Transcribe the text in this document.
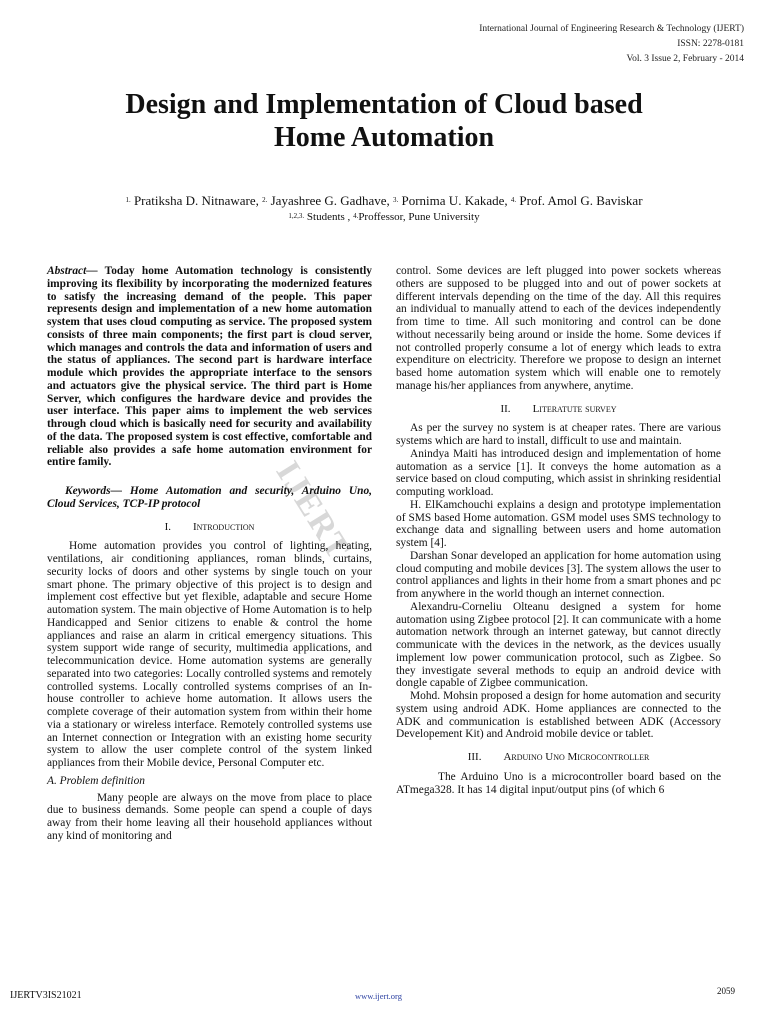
International Journal of Engineering Research & Technology (IJERT)
ISSN: 2278-0181
Vol. 3 Issue 2, February - 2014
Design and Implementation of Cloud based
Home Automation
$^{1.}$ Pratiksha D. Nitnaware, $^{2.}$ Jayashree G. Gadhave, $^{3.}$ Pornima U. Kakade, $^{4.}$ Prof. Amol G. Baviskar
$^{1,2,3.}$ Students , $^{4.}$Proffessor, Pune University
IJERT

Abstract— Today home Automation technology is consistently improving its flexibility by incorporating the modernized features to satisfy the increasing demand of the people. This paper represents design and implementation of a new home automation system that uses cloud computing as service. The proposed system consists of three main components; the first part is cloud server, which manages and controls the data and information of users and the status of appliances. The second part is hardware interface module which provides the appropriate interface to the sensors and actuators give the physical service. The third part is Home Server, which configures the hardware device and provides the user interface. This paper aims to implement the web services through cloud which is basically need for security and availability of the data. The proposed system is cost effective, comfortable and reliable also provides a safe home automation environment for entire family.

Keywords— Home Automation and security, Arduino Uno, Cloud Services, TCP-IP protocol

I. Introduction

Home automation provides you control of lighting, heating, ventilations, air conditioning appliances, roman blinds, curtains, security locks of doors and other systems by single touch on your smart phone. The primary objective of this project is to design and implement cost effective but yet flexible, adaptable and secure Home automation system. The main objective of Home Automation is to help Handicapped and Senior citizens to enable & control the home appliances and raise an alarm in critical emergency situations. This system support wide range of security, multimedia applications, and telecommunication device. Home automation systems are generally separated into two categories: Locally controlled systems and remotely controlled systems. Locally controlled systems comprises of an In-house controller to achieve home automation. It allows users the complete coverage of their automation system from within their home via a stationary or wireless interface. Remotely controlled systems use an Internet connection or Integration with an existing home security system to allow the user complete control of the system linked appliances from their Mobile device, Personal Computer etc.

A. Problem definition

Many people are always on the move from place to place due to business demands. Some people can spend a couple of days away from their home leaving all their household appliances without any kind of monitoring and

control. Some devices are left plugged into power sockets whereas others are supposed to be plugged into and out of power sockets at different intervals depending on the time of the day. All this requires an individual to manually attend to each of the devices independently from time to time. All such monitoring and control can be done without necessarily being around or inside the home. Some devices if not controlled properly consume a lot of energy which leads to extra expenditure on electricity. Therefore we propose to design an internet based home automation system which will enable one to remotely manage his/her appliances from anywhere, anytime.

II. Literatute survey

As per the survey no system is at cheaper rates. There are various systems which are hard to install, difficult to use and maintain.

Anindya Maiti has introduced design and implementation of home automation as a service [1]. It conveys the home automation as a service based on cloud computing, which assist in shrinking residential computing workload.

H. ElKamchouchi explains a design and prototype implementation of SMS based Home automation. GSM model uses SMS technology to exchange data and signalling between users and home automation system [4].

Darshan Sonar developed an application for home automation using cloud computing and mobile devices [3]. The system allows the user to control appliances and lights in their home from a smart phones and pc from anywhere in the world though an internet connection.

Alexandru-Corneliu Olteanu designed a system for home automation using Zigbee protocol [2]. It can communicate with a home automation network through an internet gateway, but cannot directly communicate with the devices in the network, as the devices usually implement low power communication protocol, such as Zigbee. So they investigate several methods to equip an android device with dongle capable of Zigbee communication.

Mohd. Mohsin proposed a design for home automation and security system using android ADK. Home appliances are connected to the ADK and communication is established between ADK (Accessory Developement Kit) and Android mobile device or tablet.

III. Arduino Uno Microcontroller

The Arduino Uno is a microcontroller board based on the ATmega328. It has 14 digital input/output pins (of which 6

IJERTV3IS21021	www.ijert.org	2059
